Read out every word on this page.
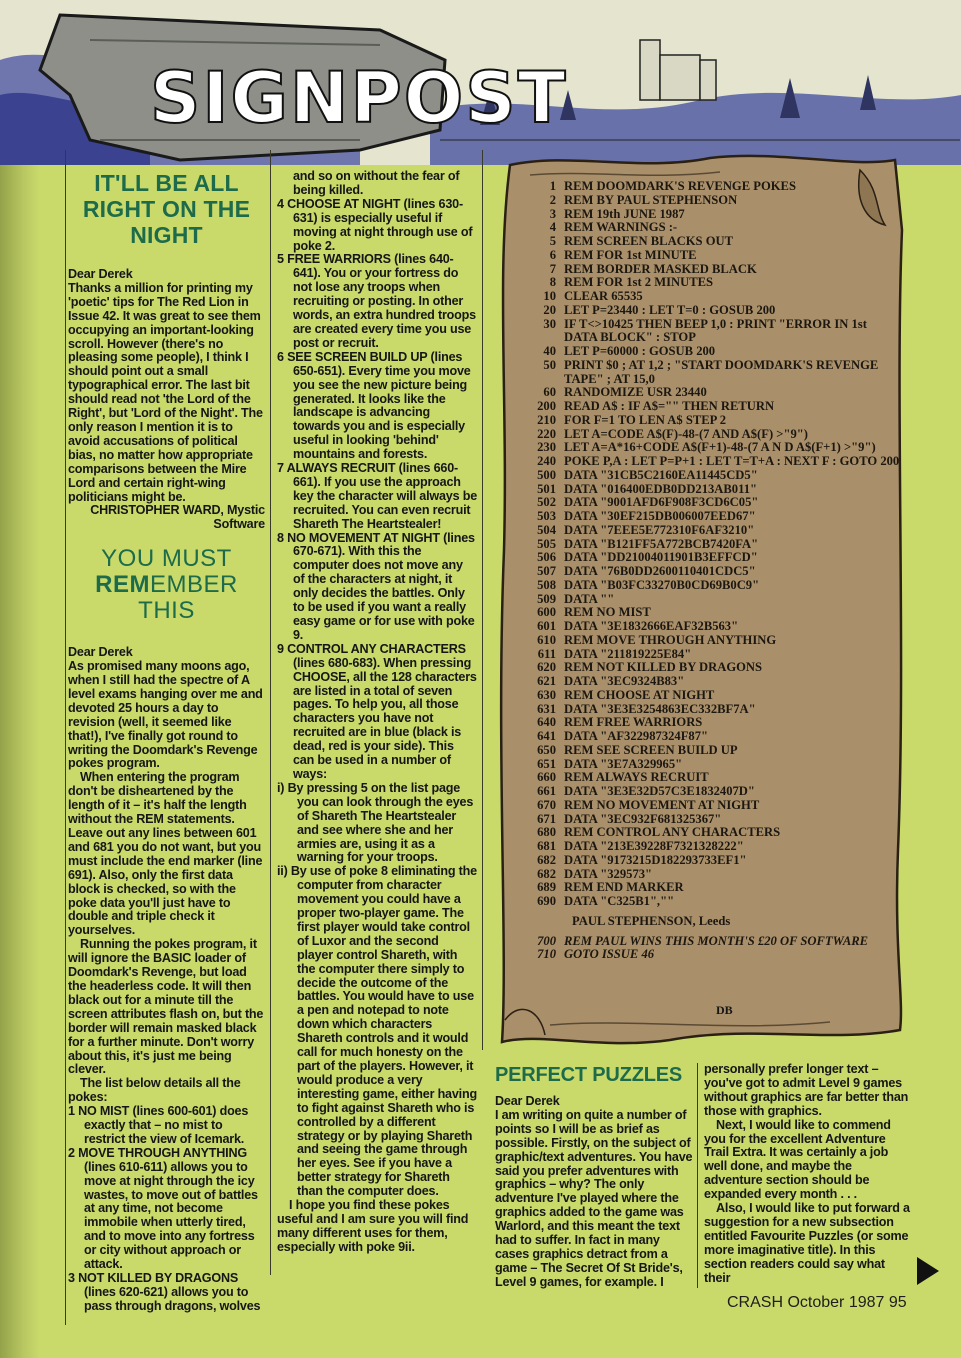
SIGNPOST
IT'LL BE ALL
RIGHT ON THE
NIGHT

Dear Derek

Thanks a million for printing my 'poetic' tips for The Red Lion in Issue 42. It was great to see them occupying an important-looking scroll. However (there's no pleasing some people), I think I should point out a small typographical error. The last bit should read not 'the Lord of the Right', but 'Lord of the Night'. The only reason I mention it is to avoid accusations of political bias, no matter how appropriate comparisons between the Mire Lord and certain right-wing politicians might be.

CHRISTOPHER WARD, Mystic

Software

YOU MUST
REMEMBER THIS

Dear Derek

As promised many moons ago, when I still had the spectre of A level exams hanging over me and devoted 25 hours a day to revision (well, it seemed like that!), I've finally got round to writing the Doomdark's Revenge pokes program.

When entering the program don't be disheartened by the length of it – it's half the length without the REM statements. Leave out any lines between 601 and 681 you do not want, but you must include the end marker (line 691). Also, only the first data block is checked, so with the poke data you'll just have to double and triple check it yourselves.

Running the pokes program, it will ignore the BASIC loader of Doomdark's Revenge, but load the headerless code. It will then black out for a minute till the screen attributes flash on, but the border will remain masked black for a further minute. Don't worry about this, it's just me being clever.

The list below details all the pokes:

1 NO MIST (lines 600-601) does exactly that – no mist to restrict the view of Icemark.

2 MOVE THROUGH ANYTHING (lines 610-611) allows you to move at night through the icy wastes, to move out of battles at any time, not become immobile when utterly tired, and to move into any fortress or city without approach or attack.

3 NOT KILLED BY DRAGONS (lines 620-621) allows you to pass through dragons, wolves

and so on without the fear of being killed.

4 CHOOSE AT NIGHT (lines 630-631) is especially useful if moving at night through use of poke 2.

5 FREE WARRIORS (lines 640-641). You or your fortress do not lose any troops when recruiting or posting. In other words, an extra hundred troops are created every time you use post or recruit.

6 SEE SCREEN BUILD UP (lines 650-651). Every time you move you see the new picture being generated. It looks like the landscape is advancing towards you and is especially useful in looking 'behind' mountains and forests.

7 ALWAYS RECRUIT (lines 660-661). If you use the approach key the character will always be recruited. You can even recruit Shareth The Heartstealer!

8 NO MOVEMENT AT NIGHT (lines 670-671). With this the computer does not move any of the characters at night, it only decides the battles. Only to be used if you want a really easy game or for use with poke 9.

9 CONTROL ANY CHARACTERS (lines 680-683). When pressing CHOOSE, all the 128 characters are listed in a total of seven pages. To help you, all those characters you have not recruited are in blue (black is dead, red is your side). This can be used in a number of ways:

i) By pressing 5 on the list page you can look through the eyes of Shareth The Heartstealer and see where she and her armies are, using it as a warning for your troops.

ii) By use of poke 8 eliminating the computer from character movement you could have a proper two-player game. The first player would take control of Luxor and the second player control Shareth, with the computer there simply to decide the outcome of the battles. You would have to use a pen and notepad to note down which characters Shareth controls and it would call for much honesty on the part of the players. However, it would produce a very interesting game, either having to fight against Shareth who is controlled by a different strategy or by playing Shareth and seeing the game through her eyes. See if you have a better strategy for Shareth than the computer does.

I hope you find these pokes useful and I am sure you will find many different uses for them, especially with poke 9ii.

1 REM DOOMDARK'S REVENGE POKES
2 REM BY PAUL STEPHENSON
3 REM 19th JUNE 1987
4 REM WARNINGS :-
5 REM SCREEN BLACKS OUT
6 REM FOR 1st MINUTE
7 REM BORDER MASKED BLACK
8 REM FOR 1st 2 MINUTES
10 CLEAR 65535
20 LET P=23440 : LET T=0 : GOSUB 200
30 IF T<>10425 THEN BEEP 1,0 : PRINT "ERROR IN 1st DATA BLOCK" : STOP
40 LET P=60000 : GOSUB 200
50 PRINT $0 ; AT 1,2 ; "START DOOMDARK'S REVENGE TAPE" ; AT 15,0
60 RANDOMIZE USR 23440
200 READ A$ : IF A$="" THEN RETURN
210 FOR F=1 TO LEN A$ STEP 2
220 LET A=CODE A$(F)-48-(7 AND A$(F) >"9")
230 LET A=A*16+CODE A$(F+1)-48-(7 A N D A$(F+1) >"9")
240 POKE P,A : LET P=P+1 : LET T=T+A : NEXT F : GOTO 200
500 DATA "31CB5C2160EA11445CD5"
501 DATA "016400EDB0DD213AB011"
502 DATA "9001AFD6F908F3CD6C05"
503 DATA "30EF215DB006007EED67"
504 DATA "7EEE5E772310F6AF3210"
505 DATA "B121FF5A772BCB7420FA"
506 DATA "DD21004011901B3EFFCD"
507 DATA "76B0DD2600110401CDC5"
508 DATA "B03FC33270B0CD69B0C9"
509 DATA ""
600 REM NO MIST
601 DATA "3E1832666EAF32B563"
610 REM MOVE THROUGH ANYTHING
611 DATA "211819225E84"
620 REM NOT KILLED BY DRAGONS
621 DATA "3EC9324B83"
630 REM CHOOSE AT NIGHT
631 DATA "3E3E3254863EC332BF7A"
640 REM FREE WARRIORS
641 DATA "AF322987324F87"
650 REM SEE SCREEN BUILD UP
651 DATA "3E7A329965"
660 REM ALWAYS RECRUIT
661 DATA "3E3E32D57C3E1832407D"
670 REM NO MOVEMENT AT NIGHT
671 DATA "3EC932F681325367"
680 REM CONTROL ANY CHARACTERS
681 DATA "213E39228F7321328222"
682 DATA "9173215D182293733EF1"
682 DATA "329573"
689 REM END MARKER
690 DATA "C325B1",""
PAUL STEPHENSON, Leeds
700 REM PAUL WINS THIS MONTH'S £20 OF SOFTWARE
710 GOTO ISSUE 46
DB
PERFECT PUZZLES

Dear Derek

I am writing on quite a number of points so I will be as brief as possible. Firstly, on the subject of graphic/text adventures. You have said you prefer adventures with graphics – why? The only adventure I've played where the graphics added to the game was Warlord, and this meant the text had to suffer. In fact in many cases graphics detract from a game – The Secret Of St Bride's, Level 9 games, for example. I

personally prefer longer text – you've got to admit Level 9 games without graphics are far better than those with graphics.

Next, I would like to commend you for the excellent Adventure Trail Extra. It was certainly a job well done, and maybe the adventure section should be expanded every month . . .

Also, I would like to put forward a suggestion for a new subsection entitled Favourite Puzzles (or some more imaginative title). In this section readers could say what their

CRASH October 1987 95
